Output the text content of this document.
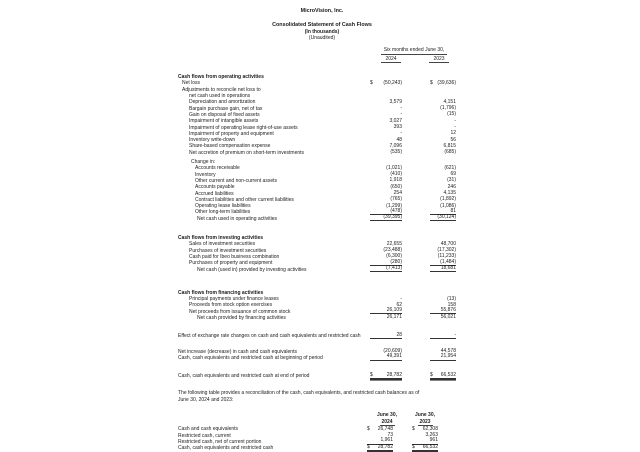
MicroVision, Inc.
Consolidated Statement of Cash Flows
(In thousands)
(Unaudited)
Six months ended June 30,
2024	2023
Cash flows from operating activities
Net loss	$	(50,243)	$ (39,636)
Adjustments to reconcile net loss to
net cash used in operations
Depreciation and amortization	3,579	4,151
Bargain purchase gain, net of tax	-	(1,796)
Gain on disposal of fixed assets	-	(15)
Impairment of intangible assets	3,027	-
Impairment of operating lease right-of-use assets	393	-
Impairment of property and equipment	-	12
Inventory write-down	48	56
Share-based compensation expense	7,096	6,815
Net accretion of premium on short-term investments	(535)	(685)
Change in:
Accounts receivable	(1,021)	(621)
Inventory	(410)	69
Other current and non-current assets	1,918	(31)
Accounts payable	(650)	246
Accrued liabilities	254	4,135
Contract liabilities and other current liabilities	(765)	(1,892)
Operating lease liabilities	(1,299)	(1,086)
Other long-term liabilities	(478)	81
Net cash used in operating activities	(39,395)	(30,124)
Cash flows from investing activities
Sales of investment securities	22,655	48,700
Purchases of investment securities	(23,488)	(17,302)
Cash paid for Ibeo business combination	(6,300)	(11,233)
Purchases of property and equipment	(280)	(1,484)
Net cash (used in) provided by investing activities	(7,413)	18,681
Cash flows from financing activities
Principal payments under finance leases	-	(13)
Proceeds from stock option exercises	62	158
Net proceeds from issuance of common stock	26,109	55,876
Net cash provided by financing activities	26,171	56,021
Effect of exchange rate changes on cash and cash equivalents and restricted cash	28	-
Net increase (decrease) in cash and cash equivalents	(20,609)	44,578
Cash, cash equivalents and restricted cash at beginning of period	49,391	21,954
Cash, cash equivalents and restricted cash at end of period	$	28,782	$	66,532
The following table provides a reconciliation of the cash, cash equivalents, and restricted cash balances as of
June 30, 2024 and 2023:
June 30,
2024
June 30,
2023
Cash and cash equivalents	$	26,748	$	62,308
Restricted cash, current	73	3,263
Restricted cash, net of current portion	1,961	961
Cash, cash equivalents and restricted cash	$	28,782	$	66,532
